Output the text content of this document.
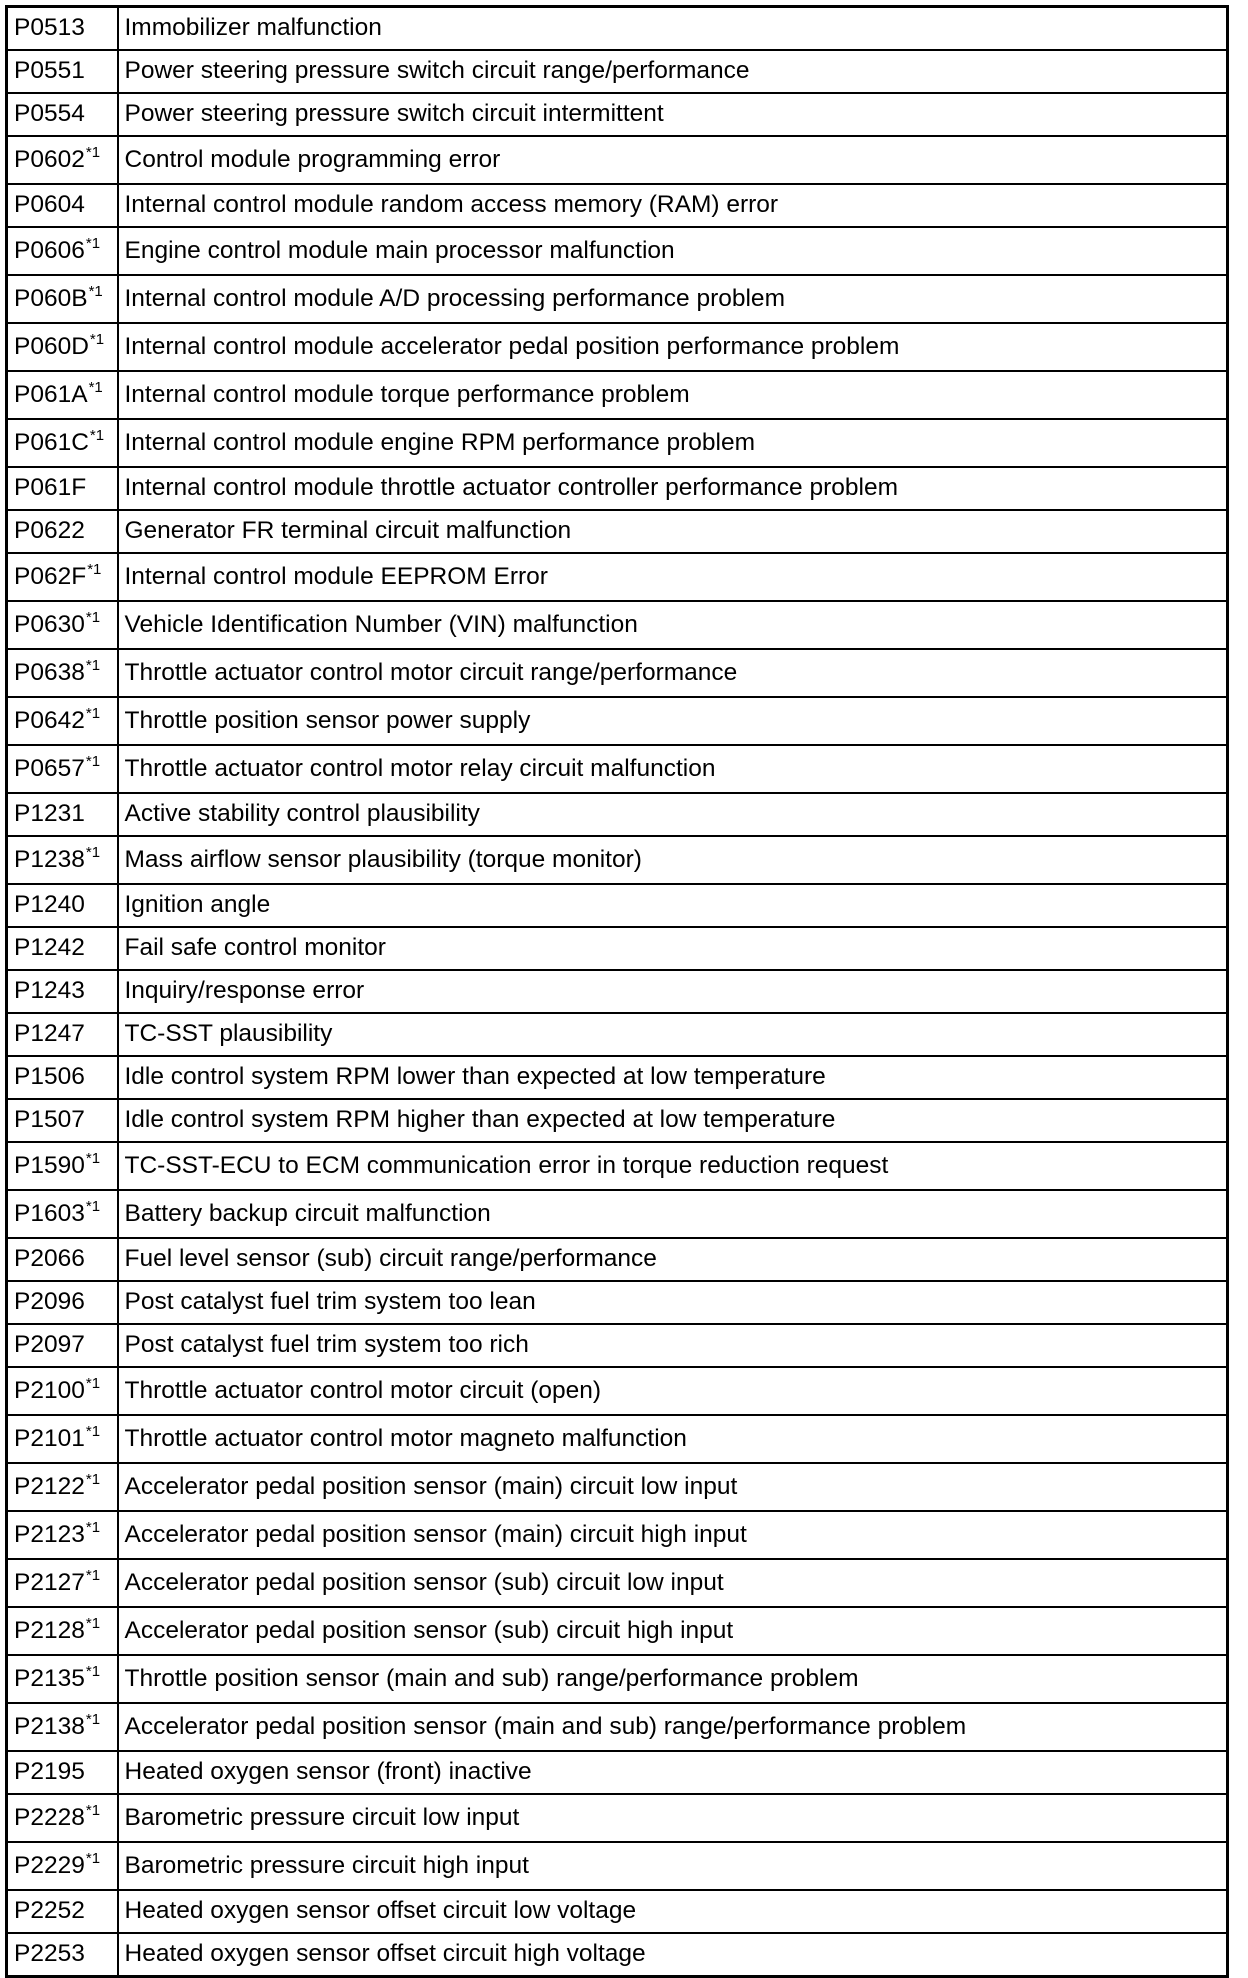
P0513	Immobilizer malfunction
P0551	Power steering pressure switch circuit range/performance
P0554	Power steering pressure switch circuit intermittent
P0602$^{*1}$	Control module programming error
P0604	Internal control module random access memory (RAM) error
P0606$^{*1}$	Engine control module main processor malfunction
$P060B^{*1}$	Internal control module A/D processing performance problem
$P060D^{*1}$	Internal control module accelerator pedal position performance problem
$P061A^{*1}$	Internal control module torque performance problem
$P061C^{*1}$	Internal control module engine RPM performance problem
P061F	Internal control module throttle actuator controller performance problem
P0622	Generator FR terminal circuit malfunction
$P062F^{*1}$	Internal control module EEPROM Error
P0630$^{*1}$	Vehicle Identification Number (VIN) malfunction
P0638$^{*1}$	Throttle actuator control motor circuit range/performance
P0642$^{*1}$	Throttle position sensor power supply
P0657$^{*1}$	Throttle actuator control motor relay circuit malfunction
P1231	Active stability control plausibility
P1238$^{*1}$	Mass airflow sensor plausibility (torque monitor)
P1240	Ignition angle
P1242	Fail safe control monitor
P1243	Inquiry/response error
P1247	TC-SST plausibility
P1506	Idle control system RPM lower than expected at low temperature
P1507	Idle control system RPM higher than expected at low temperature
P1590$^{*1}$	TC-SST-ECU to ECM communication error in torque reduction request
P1603$^{*1}$	Battery backup circuit malfunction
P2066	Fuel level sensor (sub) circuit range/performance
P2096	Post catalyst fuel trim system too lean
P2097	Post catalyst fuel trim system too rich
P2100$^{*1}$	Throttle actuator control motor circuit (open)
P2101$^{*1}$	Throttle actuator control motor magneto malfunction
P2122$^{*1}$	Accelerator pedal position sensor (main) circuit low input
P2123$^{*1}$	Accelerator pedal position sensor (main) circuit high input
P2127$^{*1}$	Accelerator pedal position sensor (sub) circuit low input
P2128$^{*1}$	Accelerator pedal position sensor (sub) circuit high input
P2135$^{*1}$	Throttle position sensor (main and sub) range/performance problem
P2138$^{*1}$	Accelerator pedal position sensor (main and sub) range/performance problem
P2195	Heated oxygen sensor (front) inactive
P2228$^{*1}$	Barometric pressure circuit low input
P2229$^{*1}$	Barometric pressure circuit high input
P2252	Heated oxygen sensor offset circuit low voltage
P2253	Heated oxygen sensor offset circuit high voltage
